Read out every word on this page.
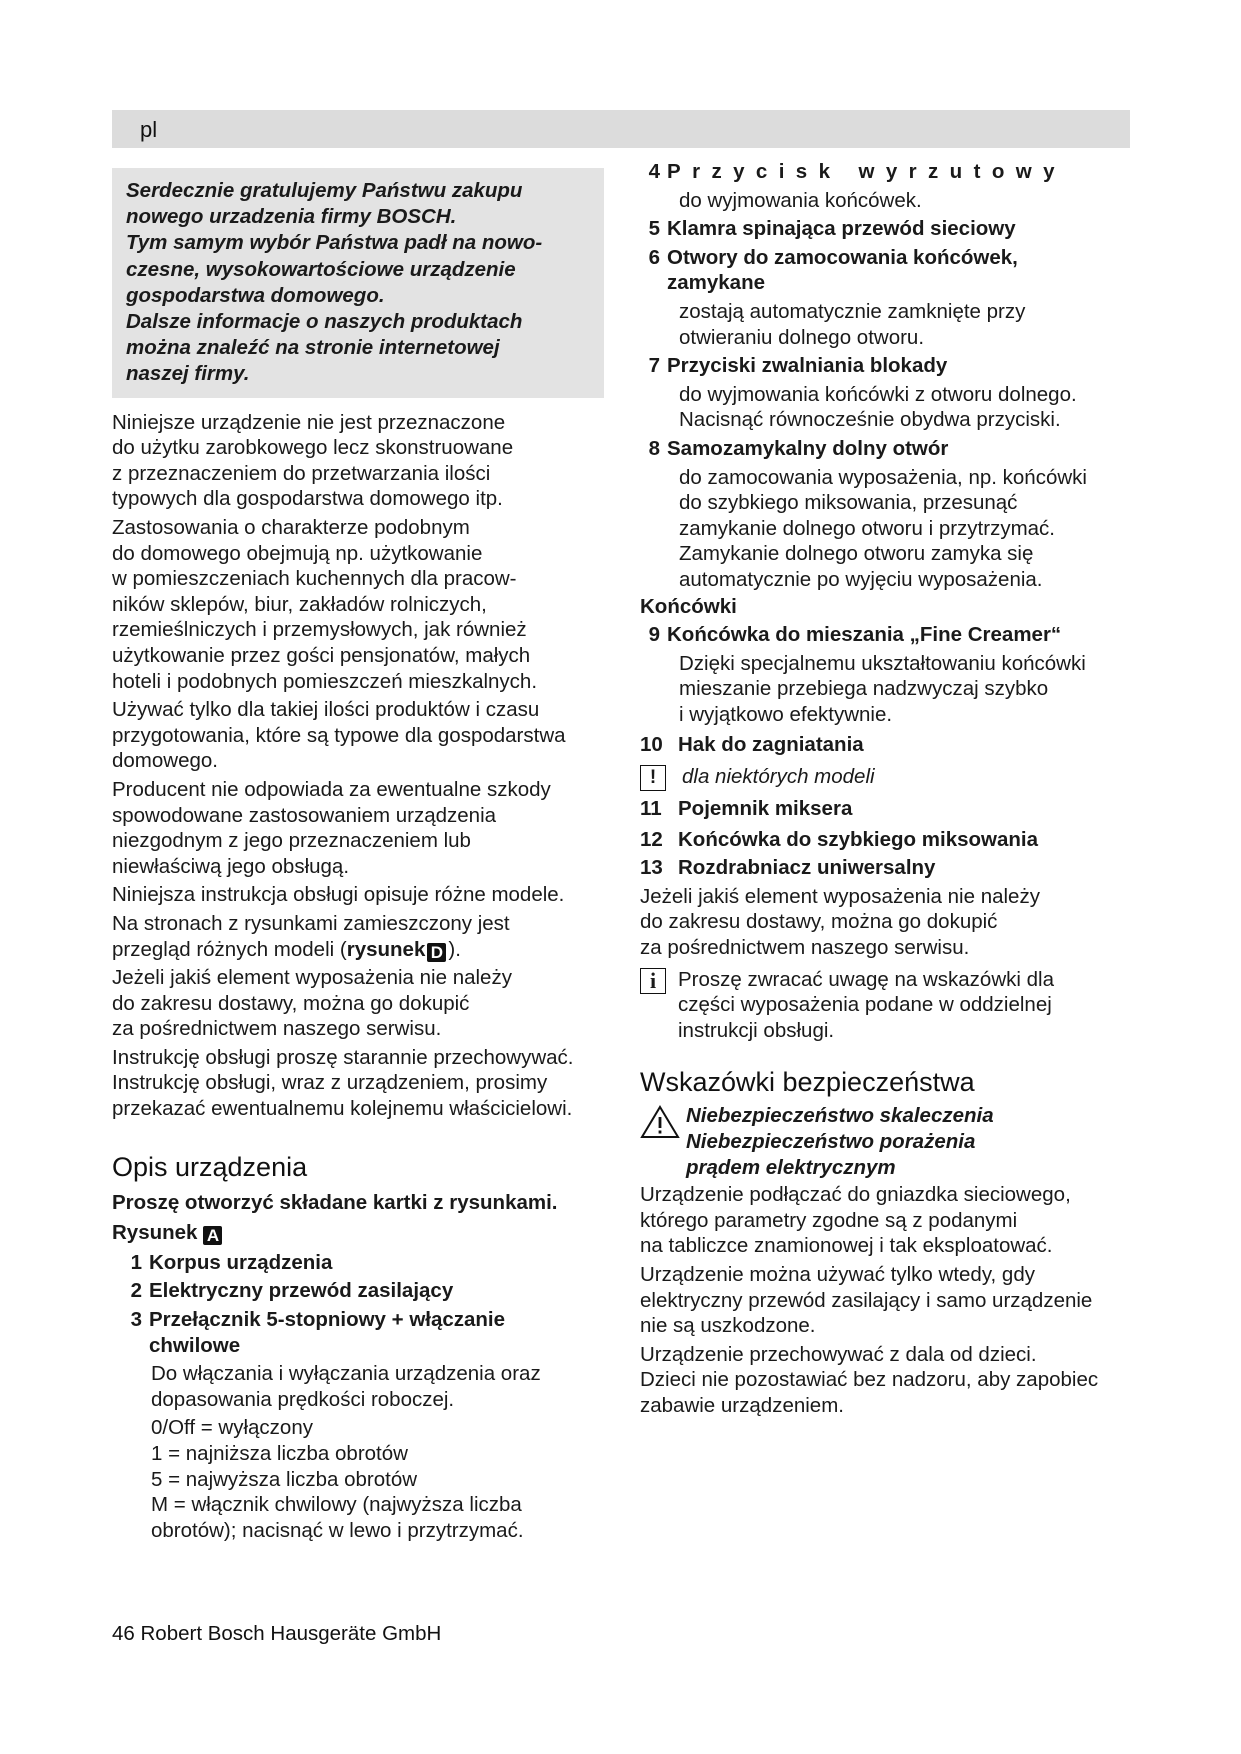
pl

Serdecznie gratulujemy Państwu zakupu

nowego urzadzenia firmy BOSCH.

Tym samym wybór Państwa padł na nowo-

czesne, wysokowartościowe urządzenie

gospodarstwa domowego.

Dalsze informacje o naszych produktach

można znaleźć na stronie internetowej

naszej firmy.

Niniejsze urządzenie nie jest przeznaczone

do użytku zarobkowego lecz skonstruowane

z przeznaczeniem do przetwarzania ilości

typowych dla gospodarstwa domowego itp.

Zastosowania o charakterze podobnym

do domowego obejmują np. użytkowanie

w pomieszczeniach kuchennych dla pracow-

ników sklepów, biur, zakładów rolniczych,

rzemieślniczych i przemysłowych, jak również

użytkowanie przez gości pensjonatów, małych

hoteli i podobnych pomieszczeń mieszkalnych.

Używać tylko dla takiej ilości produktów i czasu

przygotowania, które są typowe dla gospodarstwa

domowego.

Producent nie odpowiada za ewentualne szkody

spowodowane zastosowaniem urządzenia

niezgodnym z jego przeznaczeniem lub

niewłaściwą jego obsługą.

Niniejsza instrukcja obsługi opisuje różne modele.

Na stronach z rysunkami zamieszczony jest

przegląd różnych modeli (rysunek D ).

Jeżeli jakiś element wyposażenia nie należy

do zakresu dostawy, można go dokupić

za pośrednictwem naszego serwisu.

Instrukcję obsługi proszę starannie przechowywać.

Instrukcję obsługi, wraz z urządzeniem, prosimy

przekazać ewentualnemu kolejnemu właścicielowi.

Opis urządzenia

Proszę otworzyć składane kartki z rysunkami.

Rysunek A

1 Korpus urządzenia
2 Elektryczny przewód zasilający
3 Przełącznik 5-stopniowy + włączanie
chwilowe

Do włączania i wyłączania urządzenia oraz

dopasowania prędkości roboczej.

0/Off = wyłączony

1 = najniższa liczba obrotów

5 = najwyższa liczba obrotów

M = włącznik chwilowy (najwyższa liczba

obrotów); nacisnąć w lewo i przytrzymać.

4 Przycisk wyrzutowy

do wyjmowania końcówek.

5 Klamra spinająca przewód sieciowy
6 Otwory do zamocowania końcówek,
zamykane

zostają automatycznie zamknięte przy

otwieraniu dolnego otworu.

7 Przyciski zwalniania blokady

do wyjmowania końcówki z otworu dolnego.

Nacisnąć równocześnie obydwa przyciski.

8 Samozamykalny dolny otwór

do zamocowania wyposażenia, np. końcówki

do szybkiego miksowania, przesunąć

zamykanie dolnego otworu i przytrzymać.

Zamykanie dolnego otworu zamyka się

automatycznie po wyjęciu wyposażenia.

Końcówki

9 Końcówka do mieszania „Fine Creamer“

Dzięki specjalnemu ukształtowaniu końcówki

mieszanie przebiega nadzwyczaj szybko

i wyjątkowo efektywnie.

10 Hak do zagniatania
!	dla niektórych modeli
11 Pojemnik miksera
12 Końcówka do szybkiego miksowania
13 Rozdrabniacz uniwersalny

Jeżeli jakiś element wyposażenia nie należy

do zakresu dostawy, można go dokupić

za pośrednictwem naszego serwisu.

i	Proszę zwracać uwagę na wskazówki dla

części wyposażenia podane w oddzielnej

instrukcji obsługi.

Wskazówki bezpieczeństwa

Niebezpieczeństwo skaleczenia

Niebezpieczeństwo porażenia

prądem elektrycznym

Urządzenie podłączać do gniazdka sieciowego,

którego parametry zgodne są z podanymi

na tabliczce znamionowej i tak eksploatować.

Urządzenie można używać tylko wtedy, gdy

elektryczny przewód zasilający i samo urządzenie

nie są uszkodzone.

Urządzenie przechowywać z dala od dzieci.

Dzieci nie pozostawiać bez nadzoru, aby zapobiec

zabawie urządzeniem.

46 Robert Bosch Hausgeräte GmbH
